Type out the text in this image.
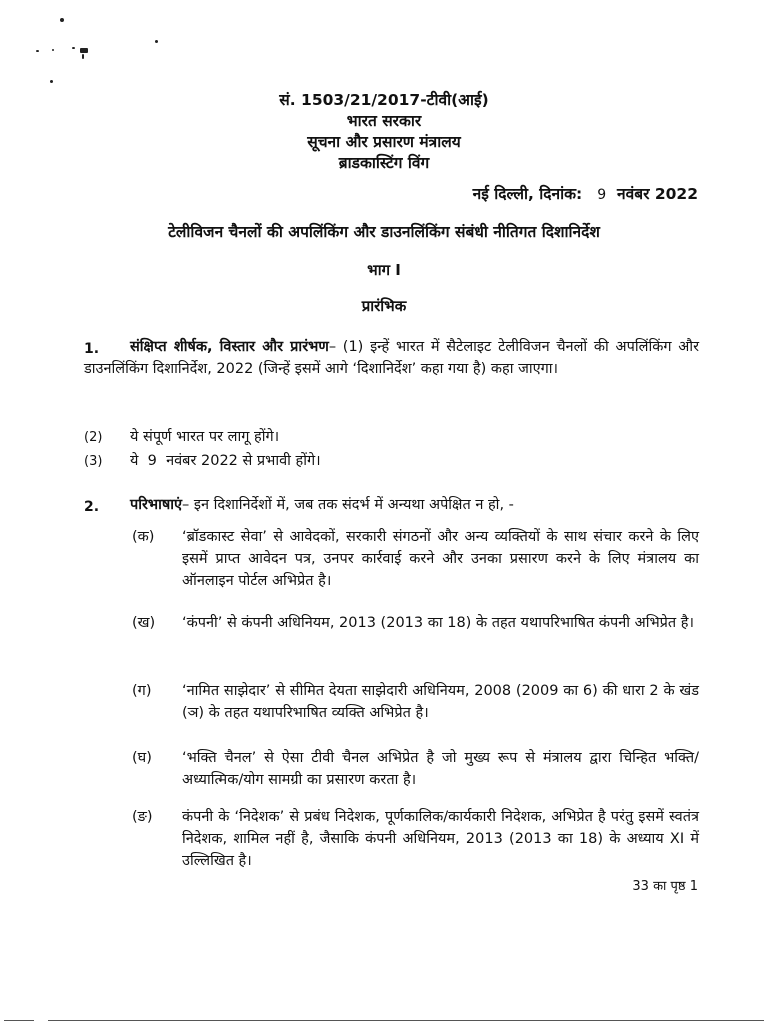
सं. 1503/21/2017-टीवी(आई)
भारत सरकार
सूचना और प्रसारण मंत्रालय
ब्राडकास्टिंग विंग
नई दिल्ली, दिनांक: 9 नवंबर 2022
टेलीविजन चैनलों की अपलिंकिंग और डाउनलिंकिंग संबंधी नीतिगत दिशानिर्देश
भाग I
प्रारंभिक
1.	संक्षिप्त शीर्षक, विस्तार और प्रारंभण– (1) इन्हें भारत में सैटेलाइट टेलीविजन चैनलों की अपलिंकिंग और डाउनलिंकिंग दिशानिर्देश, 2022 (जिन्हें इसमें आगे ‘दिशानिर्देश’ कहा गया है) कहा जाएगा।
(2) ये संपूर्ण भारत पर लागू होंगे।
(3) ये  9  नवंबर 2022 से प्रभावी होंगे।
2. परिभाषाएं– इन दिशानिर्देशों में, जब तक संदर्भ में अन्यथा अपेक्षित न हो, -
(क) ‘ब्रॉडकास्ट सेवा’ से आवेदकों, सरकारी संगठनों और अन्य व्यक्तियों के साथ संचार करने के लिए इसमें प्राप्त आवेदन पत्र, उनपर कार्रवाई करने और उनका प्रसारण करने के लिए मंत्रालय का ऑनलाइन पोर्टल अभिप्रेत है।
(ख) ‘कंपनी’ से कंपनी अधिनियम, 2013 (2013 का 18) के तहत यथापरिभाषित कंपनी अभिप्रेत है।
(ग) ‘नामित साझेदार’ से सीमित देयता साझेदारी अधिनियम, 2008 (2009 का 6) की धारा 2 के खंड (ञ) के तहत यथापरिभाषित व्यक्ति अभिप्रेत है।
(घ) ‘भक्ति चैनल’ से ऐसा टीवी चैनल अभिप्रेत है जो मुख्य रूप से मंत्रालय द्वारा चिन्हित भक्ति/अध्यात्मिक/योग सामग्री का प्रसारण करता है।
(ङ) कंपनी के ‘निदेशक’ से प्रबंध निदेशक, पूर्णकालिक/कार्यकारी निदेशक, अभिप्रेत है परंतु इसमें स्वतंत्र निदेशक, शामिल नहीं है, जैसाकि कंपनी अधिनियम, 2013 (2013 का 18) के अध्याय XI में उल्लिखित है।
33 का पृष्ठ 1
